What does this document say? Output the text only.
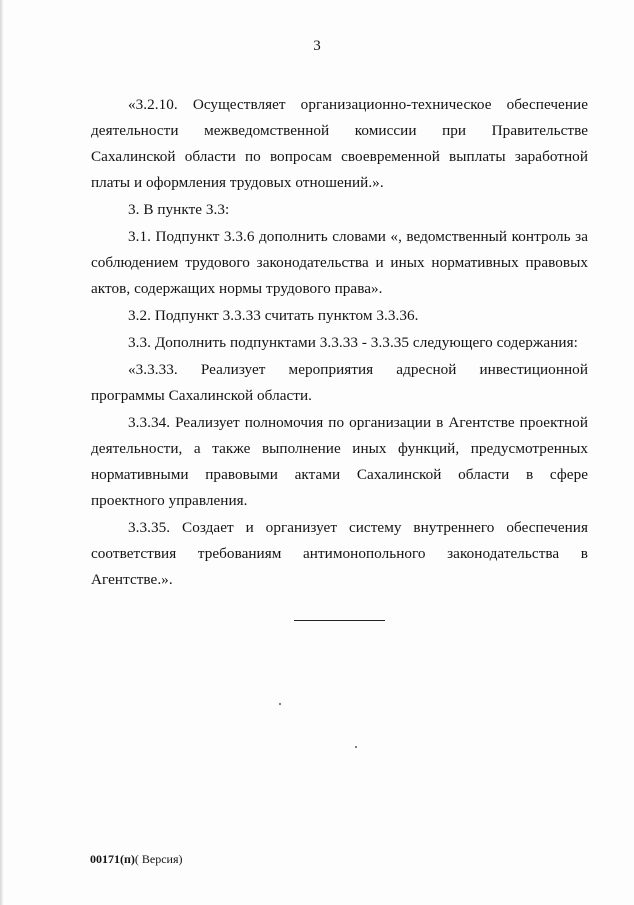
3

«3.2.10. Осуществляет организационно-техническое обеспечение деятельности межведомственной комиссии при Правительстве Сахалинской области по вопросам своевременной выплаты заработной платы и оформления трудовых отношений.».

3. В пункте 3.3:

3.1. Подпункт 3.3.6 дополнить словами «, ведомственный контроль за соблюдением трудового законодательства и иных нормативных правовых актов, содержащих нормы трудового права».

3.2. Подпункт 3.3.33 считать пунктом 3.3.36.

3.3. Дополнить подпунктами 3.3.33 - 3.3.35 следующего содержания:

«3.3.33. Реализует мероприятия адресной инвестиционной программы Сахалинской области.

3.3.34. Реализует полномочия по организации в Агентстве проектной деятельности, а также выполнение иных функций, предусмотренных нормативными правовыми актами Сахалинской области в сфере проектного управления.

3.3.35. Создает и организует систему внутреннего обеспечения соответствия требованиям антимонопольного законодательства в Агентстве.».

00171(п)( Версия)
